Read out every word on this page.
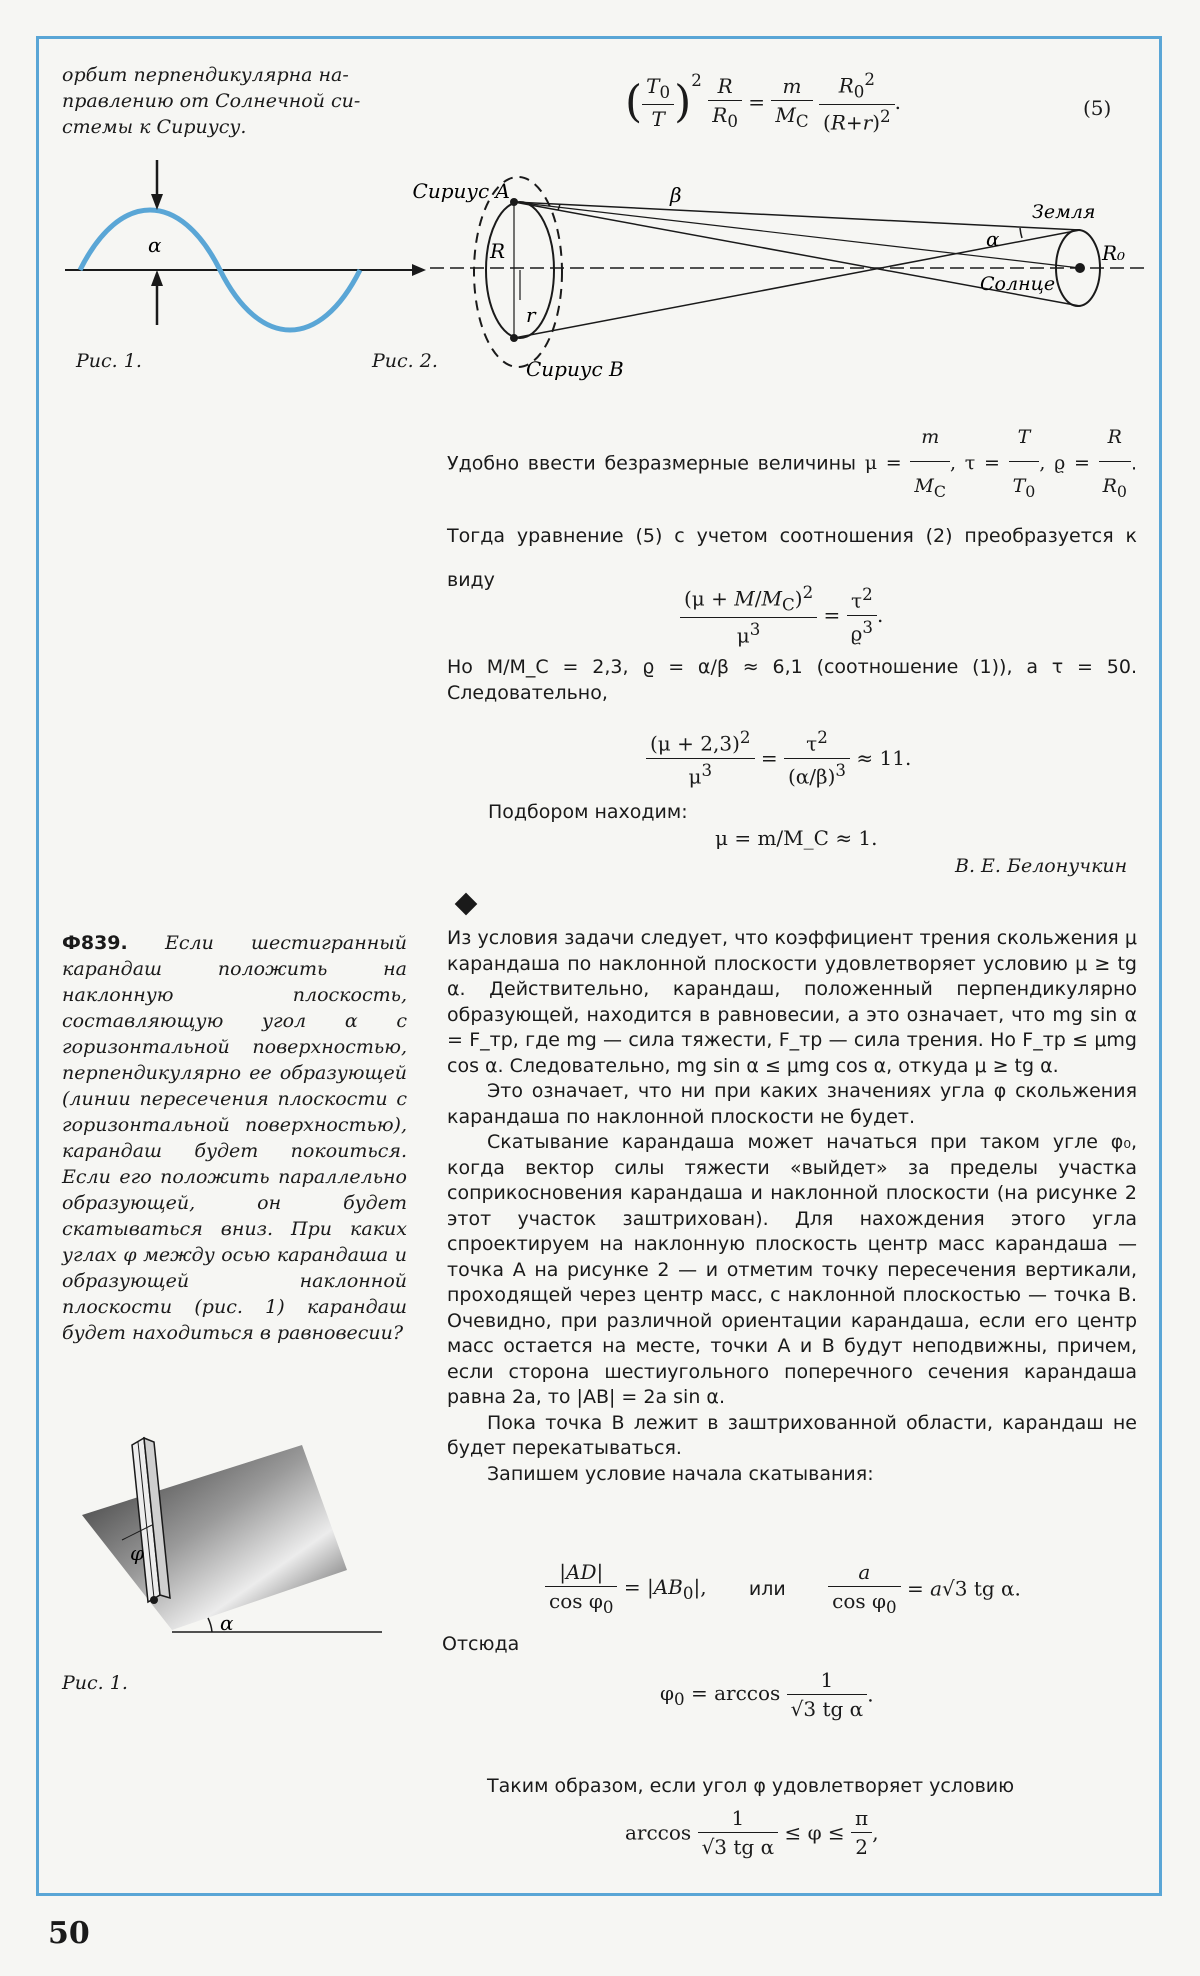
орбит перпендикулярна на-
правлению от Солнечной си-
стемы к Сириусу.
α
Рис. 1.
( $\frac{T_0}{T} )^2 \frac{R}{R_0} = \frac{m}{M_C}$
$\frac{R_0^2}{(R+r)^2}$ .	(5)
Сириус A
Сириус B
β
α
R
r
Земля
Солнце
R₀
Рис. 2.

Удобно ввести безразмерные величины $\mu = \frac{m}{M_C}$ , $\tau = \frac{T}{T_0}$ , $ϱ = \frac{R}{R_0}$ . Тогда уравнение (5) с учетом соотношения (2) преобразуется к виду

$\frac{(\mu + M/M_C)^2}{\mu^3} = \frac{\tau^2}{ϱ^3}$ .
Но M/M_C = 2,3, ϱ = α/β ≈ 6,1 (соотношение (1)), а τ = 50. Следовательно,
$\frac{(\mu + 2,3)^2}{\mu^3} = \frac{\tau^2}{(\alpha/\beta)^3} \approx 11$.
Подбором находим:
μ = m/M_C ≈ 1.
В. Е. Белонучкин
Ф839. Если шестигранный карандаш положить на наклонную плоскость, составляющую угол α с горизонтальной поверхностью, перпендикулярно ее образующей (линии пересечения плоскости с горизонтальной поверхностью), карандаш будет покоиться. Если его положить параллельно образующей, он будет скатываться вниз. При каких углах φ между осью карандаша и образующей наклонной плоскости (рис. 1) карандаш будет находиться в равновесии?
φ
α
Рис. 1.

Из условия задачи следует, что коэффициент трения скольжения μ карандаша по наклонной плоскости удовлетворяет условию μ ≥ tg α. Действительно, карандаш, положенный перпендикулярно образующей, находится в равновесии, а это означает, что mg sin α = F_тр, где mg — сила тяжести, F_тр — сила трения. Но F_тр ≤ μmg cos α. Следовательно, mg sin α ≤ μmg cos α, откуда μ ≥ tg α.

Это означает, что ни при каких значениях угла φ скольжения карандаша по наклонной плоскости не будет.

Скатывание карандаша может начаться при таком угле φ₀, когда вектор силы тяжести «выйдет» за пределы участка соприкосновения карандаша и наклонной плоскости (на рисунке 2 этот участок заштрихован). Для нахождения этого угла спроектируем на наклонную плоскость центр масс карандаша — точка A на рисунке 2 — и отметим точку пересечения вертикали, проходящей через центр масс, с наклонной плоскостью — точка B. Очевидно, при различной ориентации карандаша, если его центр масс остается на месте, точки A и B будут неподвижны, причем, если сторона шестиугольного поперечного сечения карандаша равна 2a, то |AB| = 2a sin α.

Пока точка B лежит в заштрихованной области, карандаш не будет перекатываться.

Запишем условие начала скатывания:

$\frac{|AD|}{\cos \varphi_0} = |AB_0|$, или $\frac{a}{\cos \varphi_0} = a√3$ tg α.
Отсюда
$\varphi_0 = \arccos \frac{1}{\text{√3 tg α}}$ .

Таким образом, если угол φ удовлетворяет условию

$\arccos \frac{1}{\text{√3 tg α}} \le \varphi \le \frac{\pi}{2}$ ,
50
